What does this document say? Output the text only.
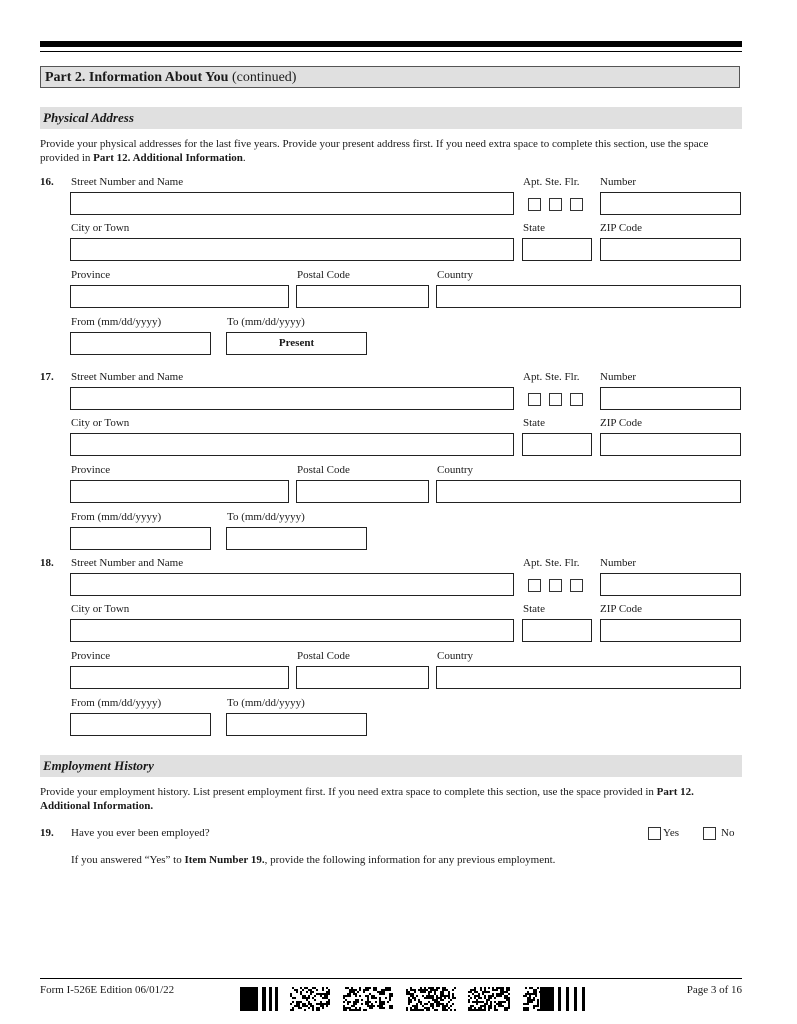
Part 2. Information About You (continued)
Physical Address
Provide your physical addresses for the last five years. Provide your present address first. If you need extra space to complete this section, use the space provided in Part 12. Additional Information.
16. Street Number and Name	Apt. Ste. Flr. Number
City or Town	State	ZIP Code
Province	Postal Code	Country
From (mm/dd/yyyy)	To (mm/dd/yyyy)
Present
17. Street Number and Name	Apt. Ste. Flr. Number
City or Town	State	ZIP Code
Province	Postal Code	Country
From (mm/dd/yyyy)	To (mm/dd/yyyy)
18. Street Number and Name	Apt. Ste. Flr. Number
City or Town	State	ZIP Code
Province	Postal Code	Country
From (mm/dd/yyyy)	To (mm/dd/yyyy)
Employment History
Provide your employment history. List present employment first. If you need extra space to complete this section, use the space provided in Part 12. Additional Information.
19. Have you ever been employed?	Yes	No
If you answered “Yes” to Item Number 19., provide the following information for any previous employment.
Form I-526E Edition 06/01/22	Page 3 of 16
